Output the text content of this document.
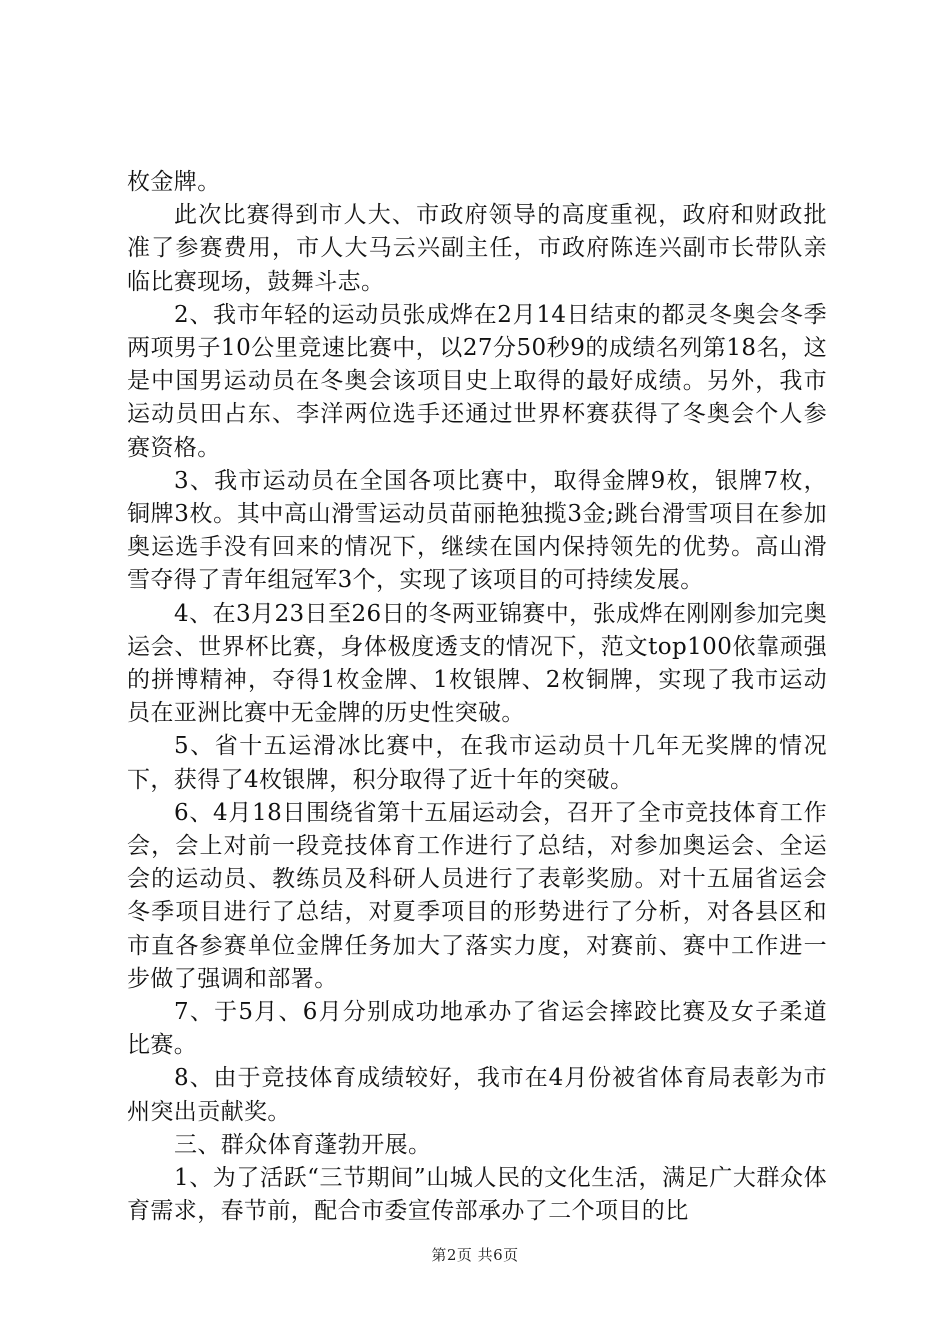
枚金牌。

此次比赛得到市人大、市政府领导的高度重视，政府和财政批准了参赛费用，市人大马云兴副主任，市政府陈连兴副市长带队亲临比赛现场，鼓舞斗志。

2、我市年轻的运动员张成烨在2月14日结束的都灵冬奥会冬季两项男子10公里竞速比赛中，以27分50秒9的成绩名列第18名，这是中国男运动员在冬奥会该项目史上取得的最好成绩。另外，我市运动员田占东、李洋两位选手还通过世界杯赛获得了冬奥会个人参赛资格。

3、我市运动员在全国各项比赛中，取得金牌9枚，银牌7枚，铜牌3枚。其中高山滑雪运动员苗丽艳独揽3金;跳台滑雪项目在参加奥运选手没有回来的情况下，继续在国内保持领先的优势。高山滑雪夺得了青年组冠军3个，实现了该项目的可持续发展。

4、在3月23日至26日的冬两亚锦赛中，张成烨在刚刚参加完奥运会、世界杯比赛，身体极度透支的情况下，范文top100依靠顽强的拼博精神，夺得1枚金牌、1枚银牌、2枚铜牌，实现了我市运动员在亚洲比赛中无金牌的历史性突破。

5、省十五运滑冰比赛中，在我市运动员十几年无奖牌的情况下，获得了4枚银牌，积分取得了近十年的突破。

6、4月18日围绕省第十五届运动会，召开了全市竞技体育工作会，会上对前一段竞技体育工作进行了总结，对参加奥运会、全运会的运动员、教练员及科研人员进行了表彰奖励。对十五届省运会冬季项目进行了总结，对夏季项目的形势进行了分析，对各县区和市直各参赛单位金牌任务加大了落实力度，对赛前、赛中工作进一步做了强调和部署。

7、于5月、6月分别成功地承办了省运会摔跤比赛及女子柔道比赛。

8、由于竞技体育成绩较好，我市在4月份被省体育局表彰为市州突出贡献奖。

三、群众体育蓬勃开展。

1、为了活跃“三节期间”山城人民的文化生活，满足广大群众体育需求，春节前，配合市委宣传部承办了二个项目的比

第2页 共6页
